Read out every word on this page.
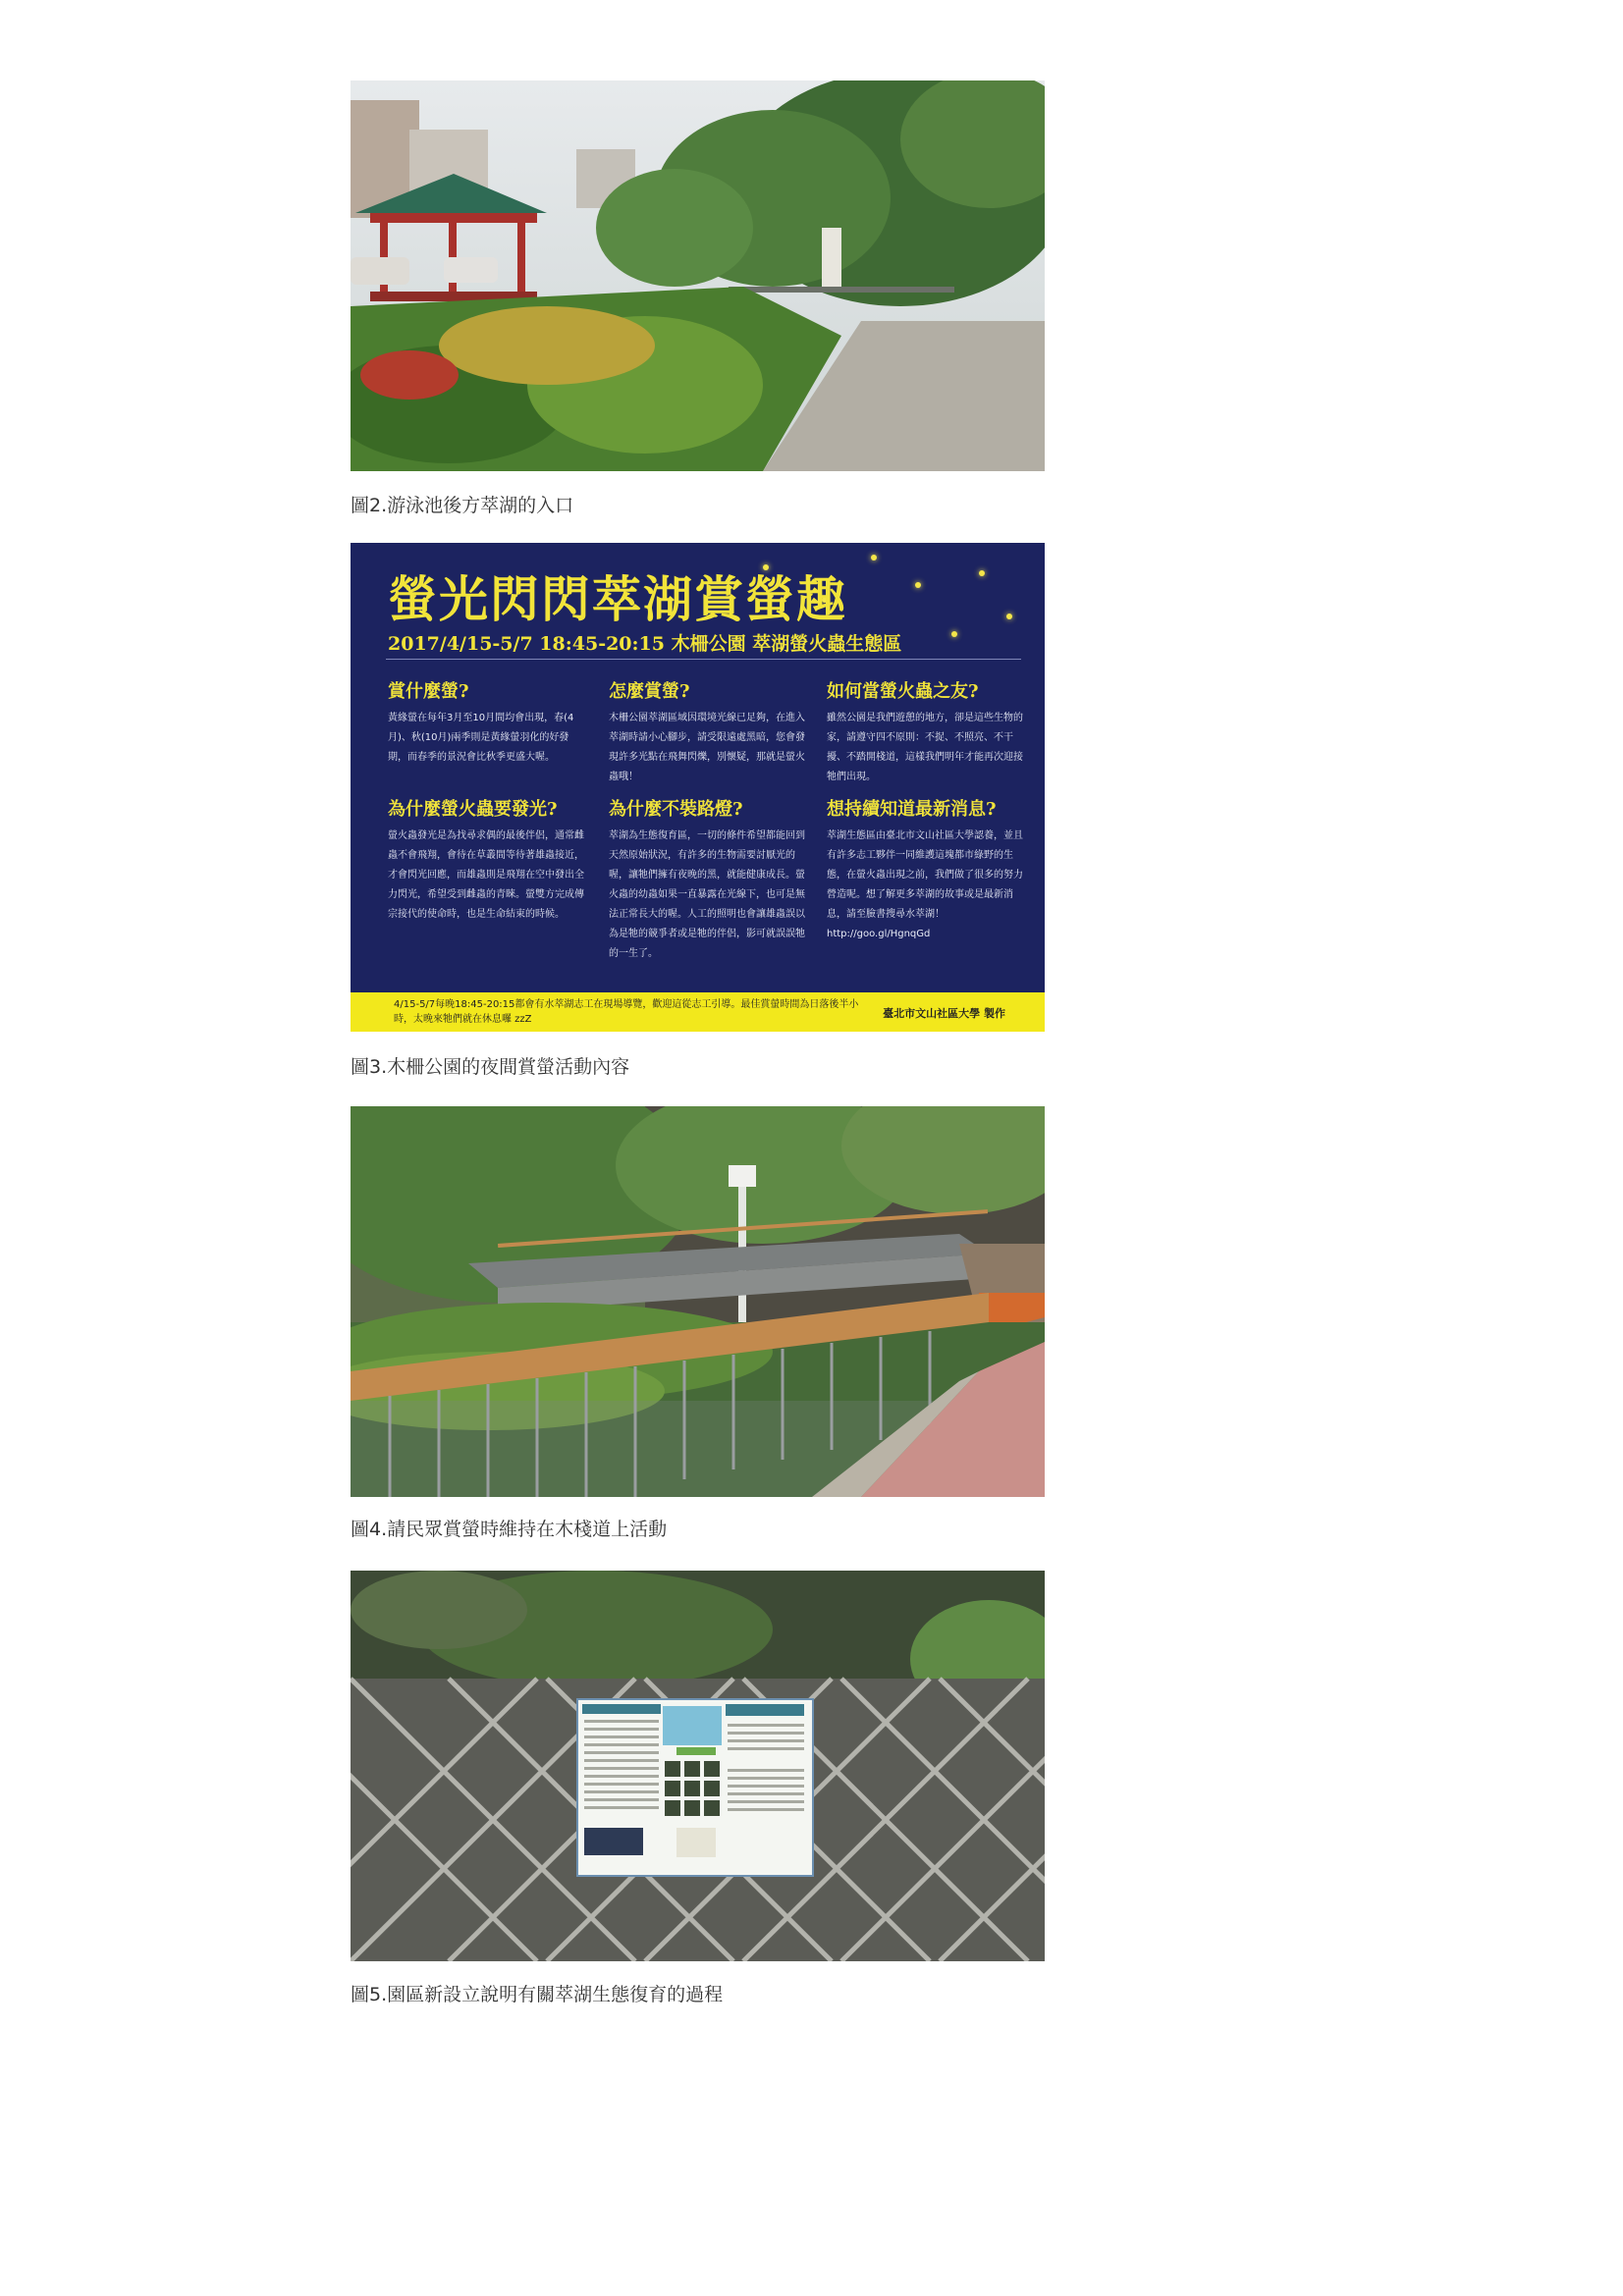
圖2.游泳池後方萃湖的入口
螢光閃閃萃湖賞螢趣
2017/4/15-5/7 18:45-20:15 木柵公園 萃湖螢火蟲生態區
賞什麼螢?
黃緣螢在每年3月至10月間均會出現，春(4月)、秋(10月)兩季則是黃緣螢羽化的好發期，而春季的景況會比秋季更盛大喔。
怎麼賞螢?
木柵公園萃湖區域因環境光線已足夠，在進入萃湖時請小心腳步，請受限遠處黑暗，您會發現許多光點在飛舞閃爍，別懷疑，那就是螢火蟲哦！
如何當螢火蟲之友?
雖然公園是我們遊憩的地方，卻是這些生物的家，請遵守四不原則：不捉、不照亮、不干擾、不踏開棧道，這樣我們明年才能再次迎接牠們出現。
為什麼螢火蟲要發光?
螢火蟲發光是為找尋求偶的最後伴侶，通常雌蟲不會飛翔，會待在草叢間等待著雄蟲接近，才會閃光回應，而雄蟲則是飛翔在空中發出全力閃光，希望受到雌蟲的青睞。螢雙方完成傳宗接代的使命時，也是生命結束的時候。
為什麼不裝路燈?
萃湖為生態復育區，一切的條件希望都能回到天然原始狀況，有許多的生物需要討厭光的喔，讓牠們擁有夜晚的黑，就能健康成長。螢火蟲的幼蟲如果一直暴露在光線下，也可是無法正常長大的喔。人工的照明也會讓雄蟲誤以為是牠的競爭者或是牠的伴侶，影可就誤誤牠的一生了。
想持續知道最新消息?
萃湖生態區由臺北市文山社區大學認養，並且有許多志工夥伴一同維護這塊都市綠野的生態，在螢火蟲出現之前，我們做了很多的努力營造呢。想了解更多萃湖的故事或是最新消息，請至臉書搜尋水萃湖！ http://goo.gl/HgnqGd
4/15-5/7每晚18:45-20:15都會有水萃湖志工在現場導覽，歡迎這從志工引導。最佳賞螢時間為日落後半小時，太晚來牠們就在休息囉 zzZ	臺北市文山社區大學 製作
圖3.木柵公園的夜間賞螢活動內容
圖4.請民眾賞螢時維持在木棧道上活動
圖5.園區新設立說明有關萃湖生態復育的過程
